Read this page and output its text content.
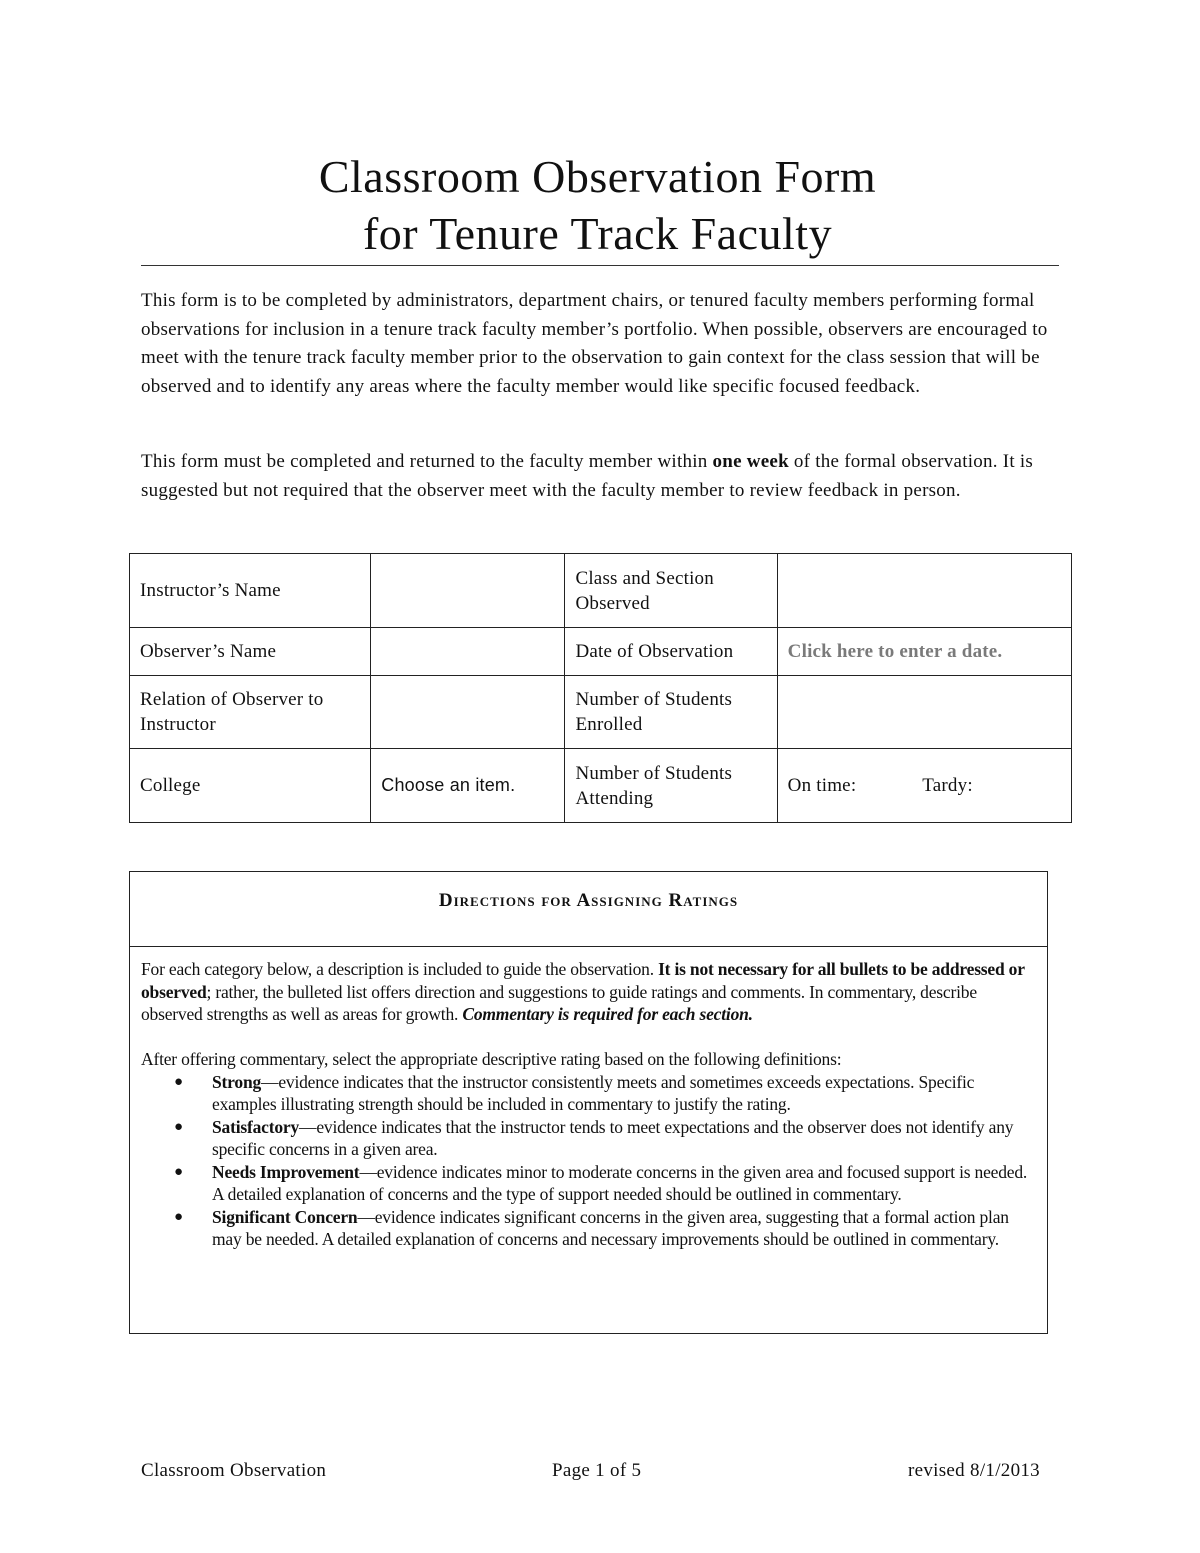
Classroom Observation Form
for Tenure Track Faculty
This form is to be completed by administrators, department chairs, or tenured faculty members performing formal observations for inclusion in a tenure track faculty member’s portfolio. When possible, observers are encouraged to meet with the tenure track faculty member prior to the observation to gain context for the class session that will be observed and to identify any areas where the faculty member would like specific focused feedback.
This form must be completed and returned to the faculty member within one week of the formal observation. It is suggested but not required that the observer meet with the faculty member to review feedback in person.
Instructor’s Name		Class and Section Observed	
Observer’s Name		Date of Observation	Click here to enter a date.
Relation of Observer to Instructor		Number of Students Enrolled	
College	Choose an item.	Number of Students Attending	On time: Tardy:
Directions for Assigning Ratings

For each category below, a description is included to guide the observation. It is not necessary for all bullets to be addressed or observed; rather, the bulleted list offers direction and suggestions to guide ratings and comments. In commentary, describe observed strengths as well as areas for growth. Commentary is required for each section.

After offering commentary, select the appropriate descriptive rating based on the following definitions:

● Strong—evidence indicates that the instructor consistently meets and sometimes exceeds expectations. Specific examples illustrating strength should be included in commentary to justify the rating.
● Satisfactory—evidence indicates that the instructor tends to meet expectations and the observer does not identify any specific concerns in a given area.
● Needs Improvement—evidence indicates minor to moderate concerns in the given area and focused support is needed. A detailed explanation of concerns and the type of support needed should be outlined in commentary.
● Significant Concern—evidence indicates significant concerns in the given area, suggesting that a formal action plan may be needed. A detailed explanation of concerns and necessary improvements should be outlined in commentary.
Classroom Observation	Page 1 of 5	revised 8/1/2013
